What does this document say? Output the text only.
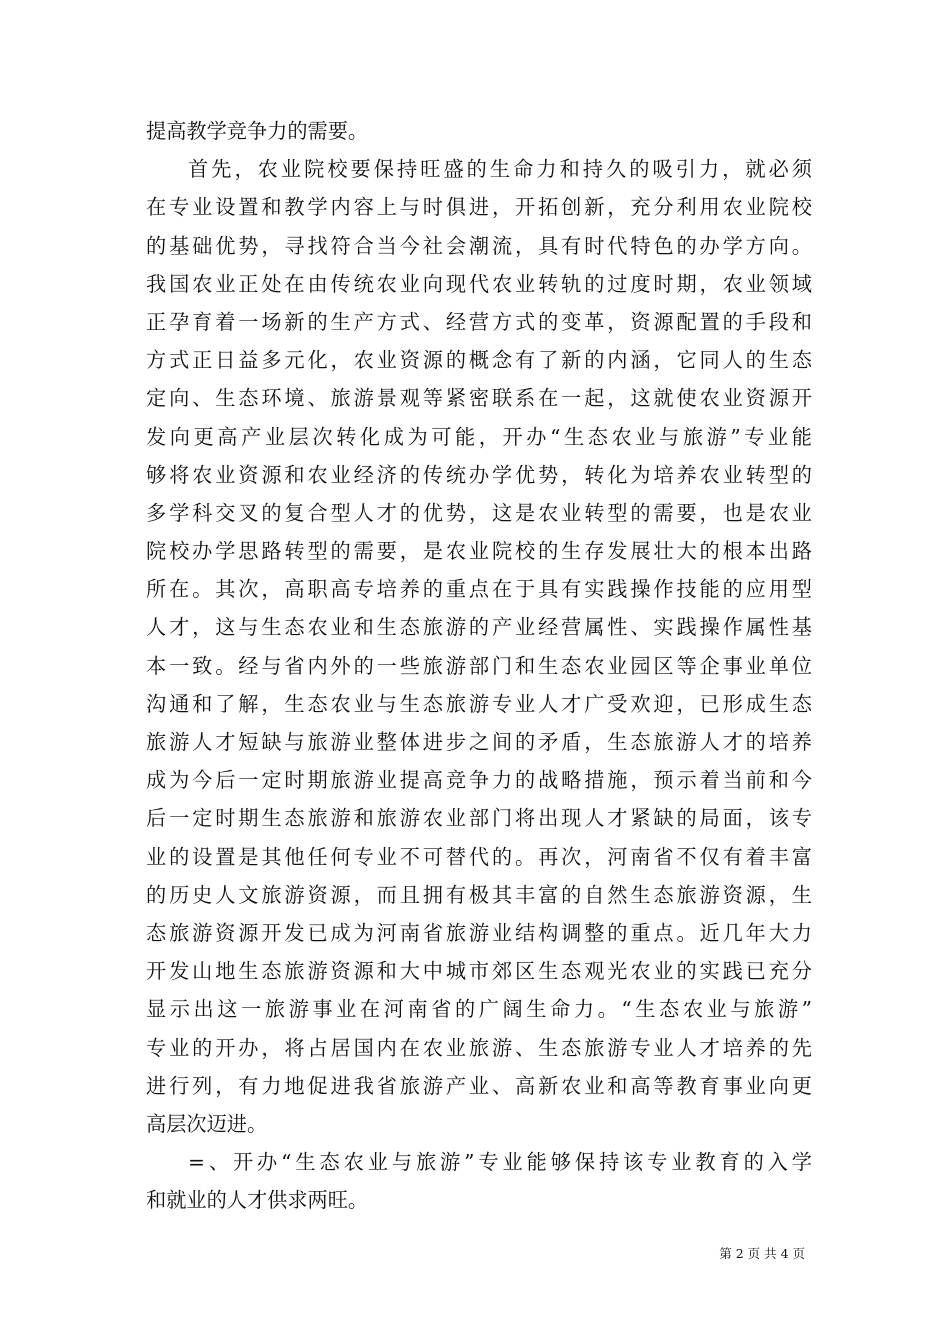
提高教学竞争力的需要。
首先，农业院校要保持旺盛的生命力和持久的吸引力，就必须
在专业设置和教学内容上与时俱进，开拓创新，充分利用农业院校
的基础优势，寻找符合当今社会潮流，具有时代特色的办学方向。
我国农业正处在由传统农业向现代农业转轨的过度时期，农业领域
正孕育着一场新的生产方式、经营方式的变革，资源配置的手段和
方式正日益多元化，农业资源的概念有了新的内涵，它同人的生态
定向、生态环境、旅游景观等紧密联系在一起，这就使农业资源开
发向更高产业层次转化成为可能，开办“生态农业与旅游”专业能
够将农业资源和农业经济的传统办学优势，转化为培养农业转型的
多学科交叉的复合型人才的优势，这是农业转型的需要，也是农业
院校办学思路转型的需要，是农业院校的生存发展壮大的根本出路
所在。其次，高职高专培养的重点在于具有实践操作技能的应用型
人才，这与生态农业和生态旅游的产业经营属性、实践操作属性基
本一致。经与省内外的一些旅游部门和生态农业园区等企事业单位
沟通和了解，生态农业与生态旅游专业人才广受欢迎，已形成生态
旅游人才短缺与旅游业整体进步之间的矛盾，生态旅游人才的培养
成为今后一定时期旅游业提高竞争力的战略措施，预示着当前和今
后一定时期生态旅游和旅游农业部门将出现人才紧缺的局面，该专
业的设置是其他任何专业不可替代的。再次，河南省不仅有着丰富
的历史人文旅游资源，而且拥有极其丰富的自然生态旅游资源，生
态旅游资源开发已成为河南省旅游业结构调整的重点。近几年大力
开发山地生态旅游资源和大中城市郊区生态观光农业的实践已充分
显示出这一旅游事业在河南省的广阔生命力。“生态农业与旅游”
专业的开办，将占居国内在农业旅游、生态旅游专业人才培养的先
进行列，有力地促进我省旅游产业、高新农业和高等教育事业向更
高层次迈进。
=、开办“生态农业与旅游”专业能够保持该专业教育的入学
和就业的人才供求两旺。
第 2 页 共 4 页
